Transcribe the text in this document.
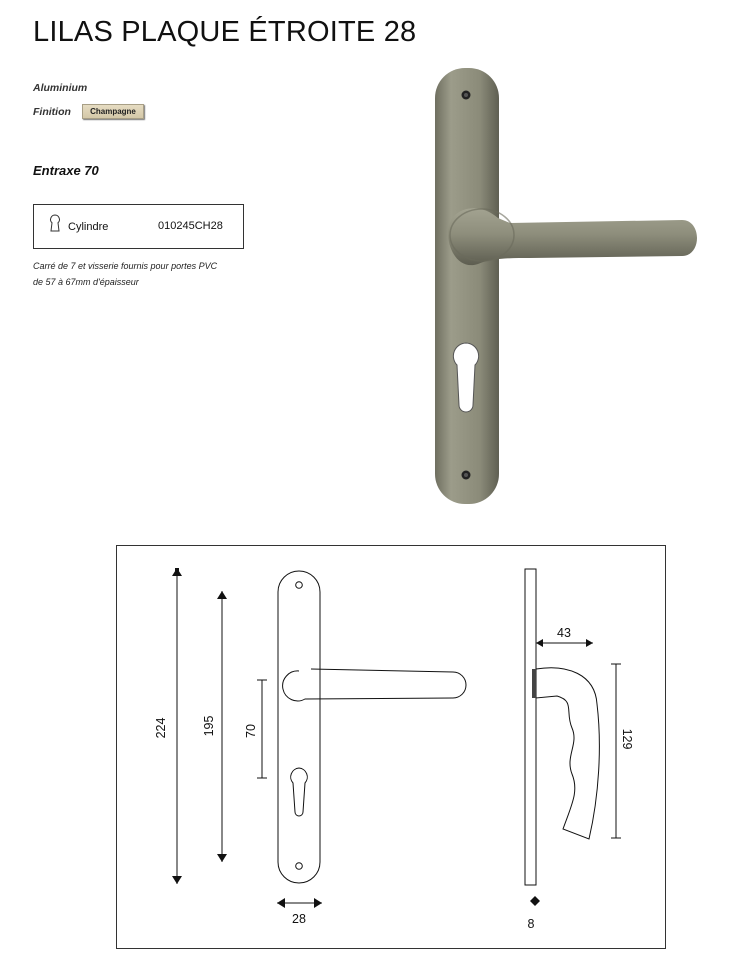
LILAS PLAQUE ÉTROITE 28
Aluminium
Finition	Champagne
Entraxe 70
Cylindre	010245CH28
Carré de 7 et visserie fournis pour portes PVC
de 57 à 67mm d'épaisseur
224	195 70
28
43
129
8
